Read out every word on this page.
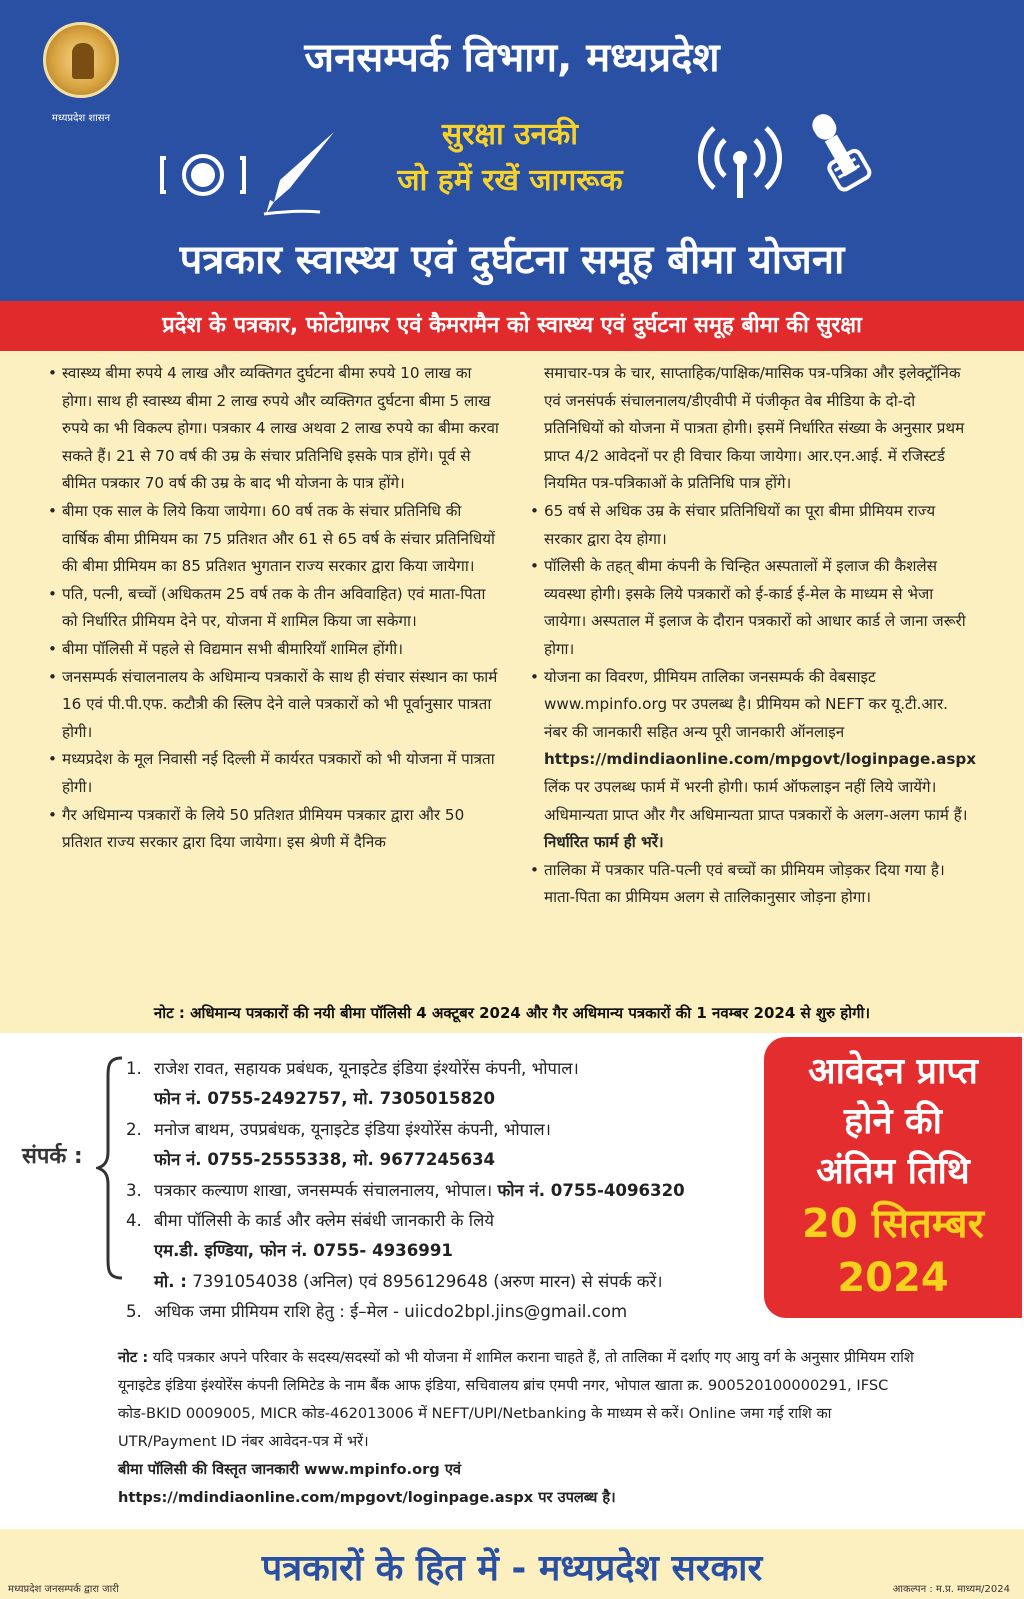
मध्यप्रदेश शासन
जनसम्पर्क विभाग, मध्यप्रदेश
सुरक्षा उनकी
जो हमें रखें जागरूक
पत्रकार स्वास्थ्य एवं दुर्घटना समूह बीमा योजना
प्रदेश के पत्रकार, फोटोग्राफर एवं कैमरामैन को स्वास्थ्य एवं दुर्घटना समूह बीमा की सुरक्षा
• स्वास्थ्य बीमा रुपये 4 लाख और व्यक्तिगत दुर्घटना बीमा रुपये 10 लाख का होगा। साथ ही स्वास्थ्य बीमा 2 लाख रुपये और व्यक्तिगत दुर्घटना बीमा 5 लाख रुपये का भी विकल्प होगा। पत्रकार 4 लाख अथवा 2 लाख रुपये का बीमा करवा सकते हैं। 21 से 70 वर्ष की उम्र के संचार प्रतिनिधि इसके पात्र होंगे। पूर्व से बीमित पत्रकार 70 वर्ष की उम्र के बाद भी योजना के पात्र होंगे।
• बीमा एक साल के लिये किया जायेगा। 60 वर्ष तक के संचार प्रतिनिधि की वार्षिक बीमा प्रीमियम का 75 प्रतिशत और 61 से 65 वर्ष के संचार प्रतिनिधियों की बीमा प्रीमियम का 85 प्रतिशत भुगतान राज्य सरकार द्वारा किया जायेगा।
• पति, पत्नी, बच्चों (अधिकतम 25 वर्ष तक के तीन अविवाहित) एवं माता-पिता को निर्धारित प्रीमियम देने पर, योजना में शामिल किया जा सकेगा।
• बीमा पॉलिसी में पहले से विद्यमान सभी बीमारियाँ शामिल होंगी।
• जनसम्पर्क संचालनालय के अधिमान्य पत्रकारों के साथ ही संचार संस्थान का फार्म 16 एवं पी.पी.एफ. कटौत्री की स्लिप देने वाले पत्रकारों को भी पूर्वानुसार पात्रता होगी।
• मध्यप्रदेश के मूल निवासी नई दिल्ली में कार्यरत पत्रकारों को भी योजना में पात्रता होगी।
• गैर अधिमान्य पत्रकारों के लिये 50 प्रतिशत प्रीमियम पत्रकार द्वारा और 50 प्रतिशत राज्य सरकार द्वारा दिया जायेगा। इस श्रेणी में दैनिक
समाचार-पत्र के चार, साप्ताहिक/पाक्षिक/मासिक पत्र-पत्रिका और इलेक्ट्रॉनिक एवं जनसंपर्क संचालनालय/डीएवीपी में पंजीकृत वेब मीडिया के दो-दो प्रतिनिधियों को योजना में पात्रता होगी। इसमें निर्धारित संख्या के अनुसार प्रथम प्राप्त 4/2 आवेदनों पर ही विचार किया जायेगा। आर.एन.आई. में रजिस्टर्ड नियमित पत्र-पत्रिकाओं के प्रतिनिधि पात्र होंगे।
• 65 वर्ष से अधिक उम्र के संचार प्रतिनिधियों का पूरा बीमा प्रीमियम राज्य सरकार द्वारा देय होगा।
• पॉलिसी के तहत् बीमा कंपनी के चिन्हित अस्पतालों में इलाज की कैशलेस व्यवस्था होगी। इसके लिये पत्रकारों को ई-कार्ड ई-मेल के माध्यम से भेजा जायेगा। अस्पताल में इलाज के दौरान पत्रकारों को आधार कार्ड ले जाना जरूरी होगा।
• योजना का विवरण, प्रीमियम तालिका जनसम्पर्क की वेबसाइट www.mpinfo.org पर उपलब्ध है। प्रीमियम को NEFT कर यू.टी.आर. नंबर की जानकारी सहित अन्य पूरी जानकारी ऑनलाइन https://mdindiaonline.com/mpgovt/loginpage.aspx लिंक पर उपलब्ध फार्म में भरनी होगी। फार्म ऑफलाइन नहीं लिये जायेंगे। अधिमान्यता प्राप्त और गैर अधिमान्यता प्राप्त पत्रकारों के अलग-अलग फार्म हैं। निर्धारित फार्म ही भरें।
• तालिका में पत्रकार पति-पत्नी एवं बच्चों का प्रीमियम जोड़कर दिया गया है। माता-पिता का प्रीमियम अलग से तालिकानुसार जोड़ना होगा।
नोट : अधिमान्य पत्रकारों की नयी बीमा पॉलिसी 4 अक्टूबर 2024 और गैर अधिमान्य पत्रकारों की 1 नवम्बर 2024 से शुरु होगी।
संपर्क :
1. राजेश रावत, सहायक प्रबंधक, यूनाइटेड इंडिया इंश्योरेंस कंपनी, भोपाल।
फोन नं. 0755-2492757, मो. 7305015820
2. मनोज बाथम, उपप्रबंधक, यूनाइटेड इंडिया इंश्योरेंस कंपनी, भोपाल।
फोन नं. 0755-2555338, मो. 9677245634
3. पत्रकार कल्याण शाखा, जनसम्पर्क संचालनालय, भोपाल। फोन नं. 0755-4096320
4. बीमा पॉलिसी के कार्ड और क्लेम संबंधी जानकारी के लिये
एम.डी. इण्डिया, फोन नं. 0755- 4936991
मो. : 7391054038 (अनिल) एवं 8956129648 (अरुण मारन) से संपर्क करें।
5. अधिक जमा प्रीमियम राशि हेतु : ई–मेल - uiicdo2bpl.jins@gmail.com
आवेदन प्राप्त
होने की
अंतिम तिथि
20 सितम्बर
2024
नोट : यदि पत्रकार अपने परिवार के सदस्य/सदस्यों को भी योजना में शामिल कराना चाहते हैं, तो तालिका में दर्शाए गए आयु वर्ग के अनुसार प्रीमियम राशि यूनाइटेड इंडिया इंश्योरेंस कंपनी लिमिटेड के नाम बैंक आफ इंडिया, सचिवालय ब्रांच एमपी नगर, भोपाल खाता क्र. 900520100000291, IFSC कोड-BKID 0009005, MICR कोड-462013006 में NEFT/UPI/Netbanking के माध्यम से करें। Online जमा गई राशि का UTR/Payment ID नंबर आवेदन-पत्र में भरें।
बीमा पॉलिसी की विस्तृत जानकारी www.mpinfo.org एवं
https://mdindiaonline.com/mpgovt/loginpage.aspx पर उपलब्ध है।
पत्रकारों के हित में - मध्यप्रदेश सरकार
मध्यप्रदेश जनसम्पर्क द्वारा जारी	आकल्पन : म.प्र. माध्यम/2024
